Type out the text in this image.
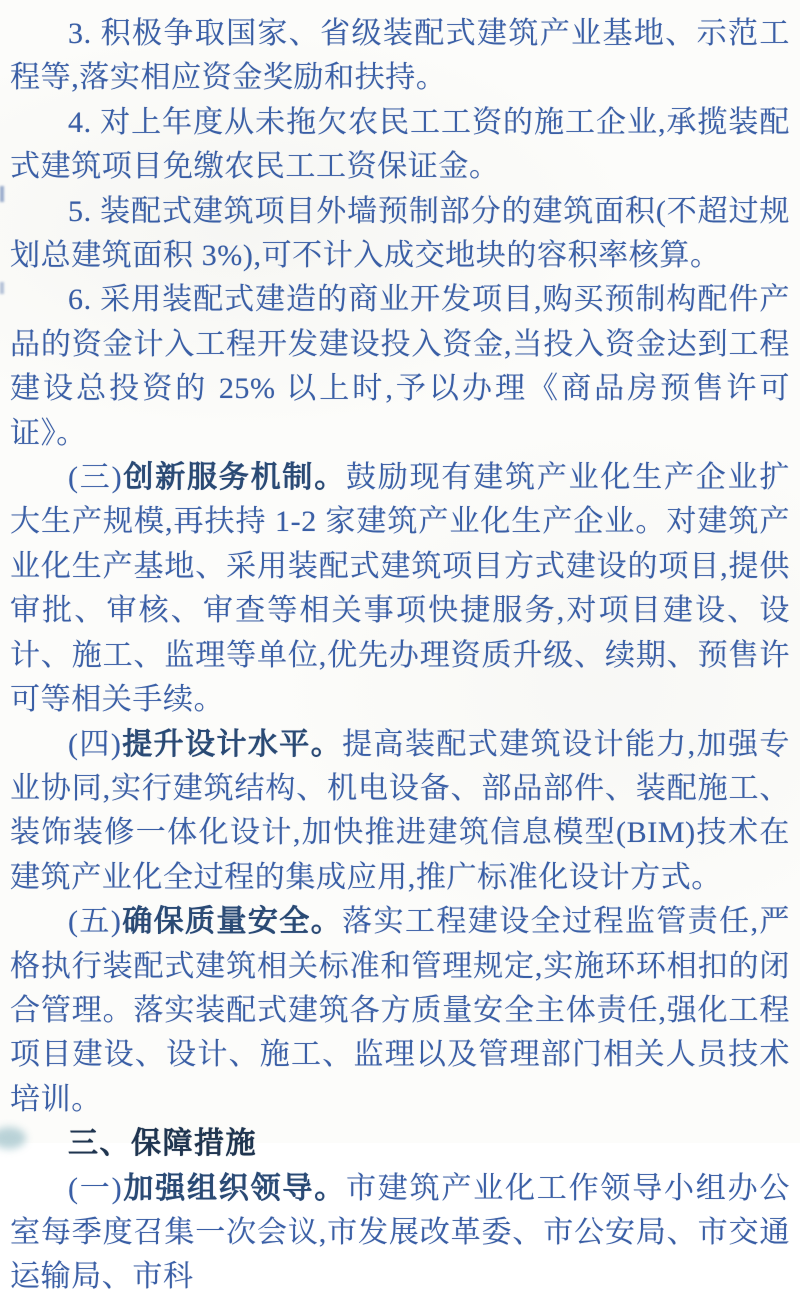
3. 积极争取国家、省级装配式建筑产业基地、示范工程等,落实相应资金奖励和扶持。

4. 对上年度从未拖欠农民工工资的施工企业,承揽装配式建筑项目免缴农民工工资保证金。

5. 装配式建筑项目外墙预制部分的建筑面积(不超过规划总建筑面积 3%),可不计入成交地块的容积率核算。

6. 采用装配式建造的商业开发项目,购买预制构配件产品的资金计入工程开发建设投入资金,当投入资金达到工程建设总投资的 25% 以上时,予以办理《商品房预售许可证》。

(三)创新服务机制。鼓励现有建筑产业化生产企业扩大生产规模,再扶持 1-2 家建筑产业化生产企业。对建筑产业化生产基地、采用装配式建筑项目方式建设的项目,提供审批、审核、审查等相关事项快捷服务,对项目建设、设计、施工、监理等单位,优先办理资质升级、续期、预售许可等相关手续。

(四)提升设计水平。提高装配式建筑设计能力,加强专业协同,实行建筑结构、机电设备、部品部件、装配施工、装饰装修一体化设计,加快推进建筑信息模型(BIM)技术在建筑产业化全过程的集成应用,推广标准化设计方式。

(五)确保质量安全。落实工程建设全过程监管责任,严格执行装配式建筑相关标准和管理规定,实施环环相扣的闭合管理。落实装配式建筑各方质量安全主体责任,强化工程项目建设、设计、施工、监理以及管理部门相关人员技术培训。

三、保障措施

(一)加强组织领导。市建筑产业化工作领导小组办公室每季度召集一次会议,市发展改革委、市公安局、市交通运输局、市科
